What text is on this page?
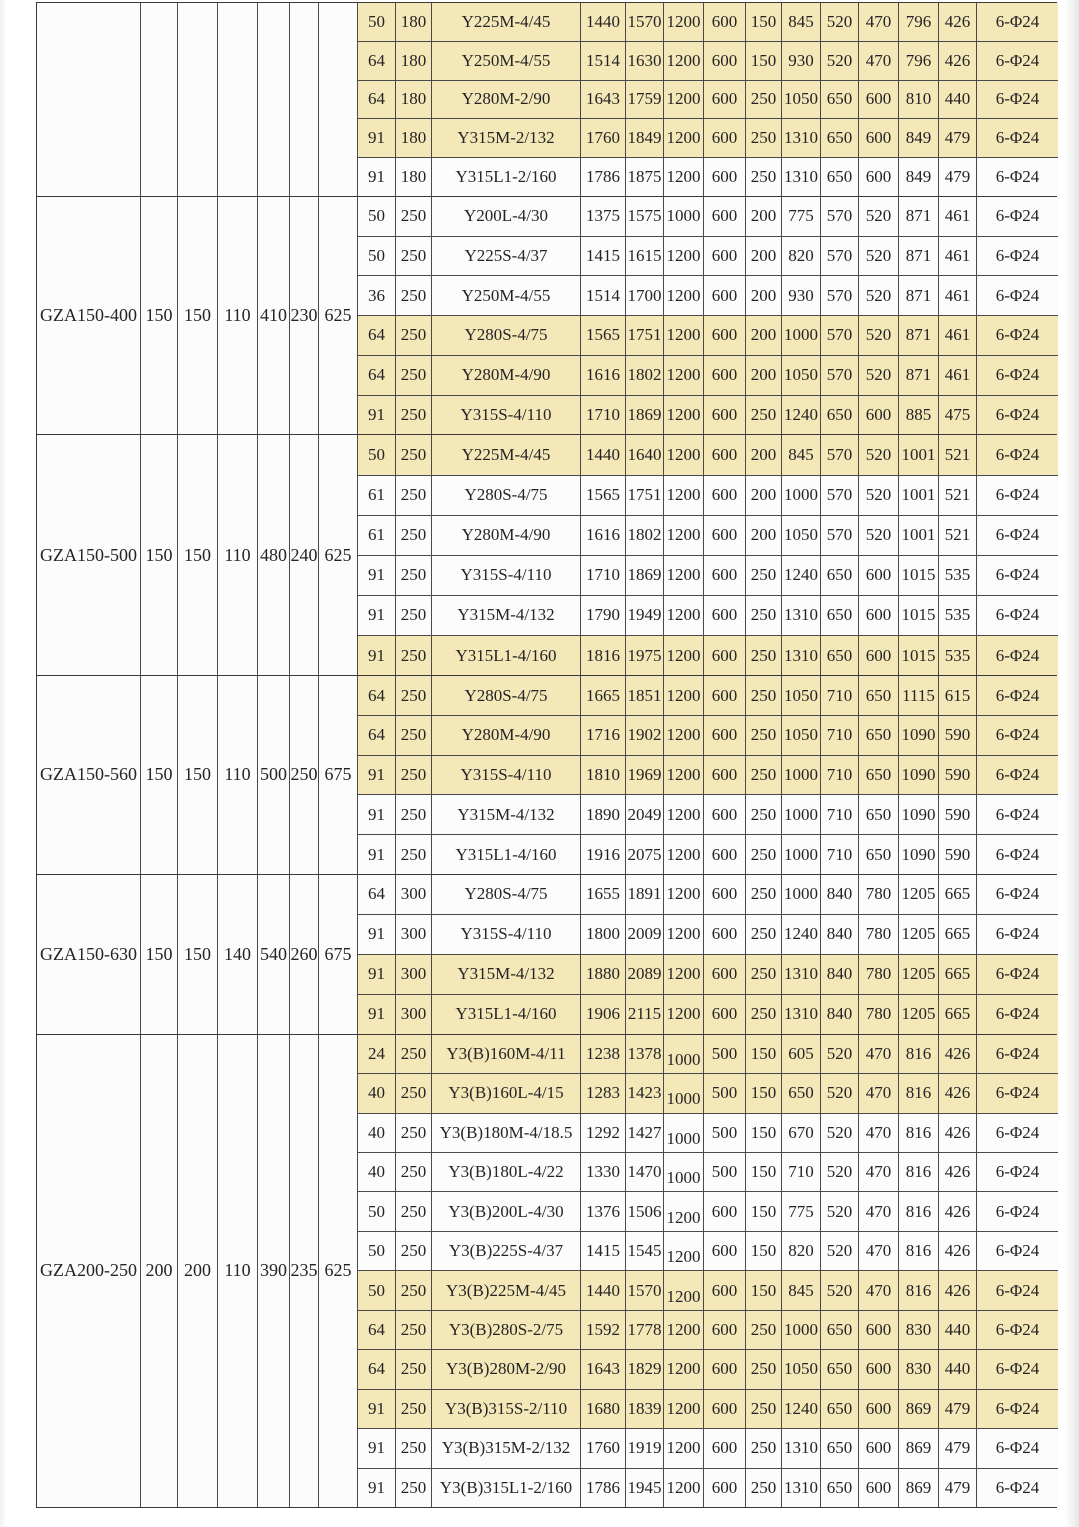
50 180 Y225M-4/45 1440 1570 1200 600 150 845 520 470 796 426 6-Φ24
64 180 Y250M-4/55 1514 1630 1200 600 150 930 520 470 796 426 6-Φ24
64 180 Y280M-2/90 1643 1759 1200 600 250 1050 650 600 810 440 6-Φ24
91 180 Y315M-2/132 1760 1849 1200 600 250 1310 650 600 849 479 6-Φ24
91 180 Y315L1-2/160 1786 1875 1200 600 250 1310 650 600 849 479 6-Φ24
GZA150-400 150 150 110 410 230 625
50 250 Y200L-4/30 1375 1575 1000 600 200 775 570 520 871 461 6-Φ24
50 250 Y225S-4/37 1415 1615 1200 600 200 820 570 520 871 461 6-Φ24
36 250 Y250M-4/55 1514 1700 1200 600 200 930 570 520 871 461 6-Φ24
64 250 Y280S-4/75 1565 1751 1200 600 200 1000 570 520 871 461 6-Φ24
64 250 Y280M-4/90 1616 1802 1200 600 200 1050 570 520 871 461 6-Φ24
91 250 Y315S-4/110 1710 1869 1200 600 250 1240 650 600 885 475 6-Φ24
GZA150-500 150 150 110 480 240 625
50 250 Y225M-4/45 1440 1640 1200 600 200 845 570 520 1001 521 6-Φ24
61 250 Y280S-4/75 1565 1751 1200 600 200 1000 570 520 1001 521 6-Φ24
61 250 Y280M-4/90 1616 1802 1200 600 200 1050 570 520 1001 521 6-Φ24
91 250 Y315S-4/110 1710 1869 1200 600 250 1240 650 600 1015 535 6-Φ24
91 250 Y315M-4/132 1790 1949 1200 600 250 1310 650 600 1015 535 6-Φ24
91 250 Y315L1-4/160 1816 1975 1200 600 250 1310 650 600 1015 535 6-Φ24
GZA150-560 150 150 110 500 250 675
64 250 Y280S-4/75 1665 1851 1200 600 250 1050 710 650 1115 615 6-Φ24
64 250 Y280M-4/90 1716 1902 1200 600 250 1050 710 650 1090 590 6-Φ24
91 250 Y315S-4/110 1810 1969 1200 600 250 1000 710 650 1090 590 6-Φ24
91 250 Y315M-4/132 1890 2049 1200 600 250 1000 710 650 1090 590 6-Φ24
91 250 Y315L1-4/160 1916 2075 1200 600 250 1000 710 650 1090 590 6-Φ24
GZA150-630 150 150 140 540 260 675
64 300 Y280S-4/75 1655 1891 1200 600 250 1000 840 780 1205 665 6-Φ24
91 300 Y315S-4/110 1800 2009 1200 600 250 1240 840 780 1205 665 6-Φ24
91 300 Y315M-4/132 1880 2089 1200 600 250 1310 840 780 1205 665 6-Φ24
91 300 Y315L1-4/160 1906 2115 1200 600 250 1310 840 780 1205 665 6-Φ24
GZA200-250 200 200 110 390 235 625
24 250 Y3(B)160M-4/11 1238 1378 1000 500 150 605 520 470 816 426 6-Φ24
40 250 Y3(B)160L-4/15 1283 1423 1000 500 150 650 520 470 816 426 6-Φ24
40 250 Y3(B)180M-4/18.5 1292 1427 1000 500 150 670 520 470 816 426 6-Φ24
40 250 Y3(B)180L-4/22 1330 1470 1000 500 150 710 520 470 816 426 6-Φ24
50 250 Y3(B)200L-4/30 1376 1506 1200 600 150 775 520 470 816 426 6-Φ24
50 250 Y3(B)225S-4/37 1415 1545 1200 600 150 820 520 470 816 426 6-Φ24
50 250 Y3(B)225M-4/45 1440 1570 1200 600 150 845 520 470 816 426 6-Φ24
64 250 Y3(B)280S-2/75 1592 1778 1200 600 250 1000 650 600 830 440 6-Φ24
64 250 Y3(B)280M-2/90 1643 1829 1200 600 250 1050 650 600 830 440 6-Φ24
91 250 Y3(B)315S-2/110 1680 1839 1200 600 250 1240 650 600 869 479 6-Φ24
91 250 Y3(B)315M-2/132 1760 1919 1200 600 250 1310 650 600 869 479 6-Φ24
91 250 Y3(B)315L1-2/160 1786 1945 1200 600 250 1310 650 600 869 479 6-Φ24
